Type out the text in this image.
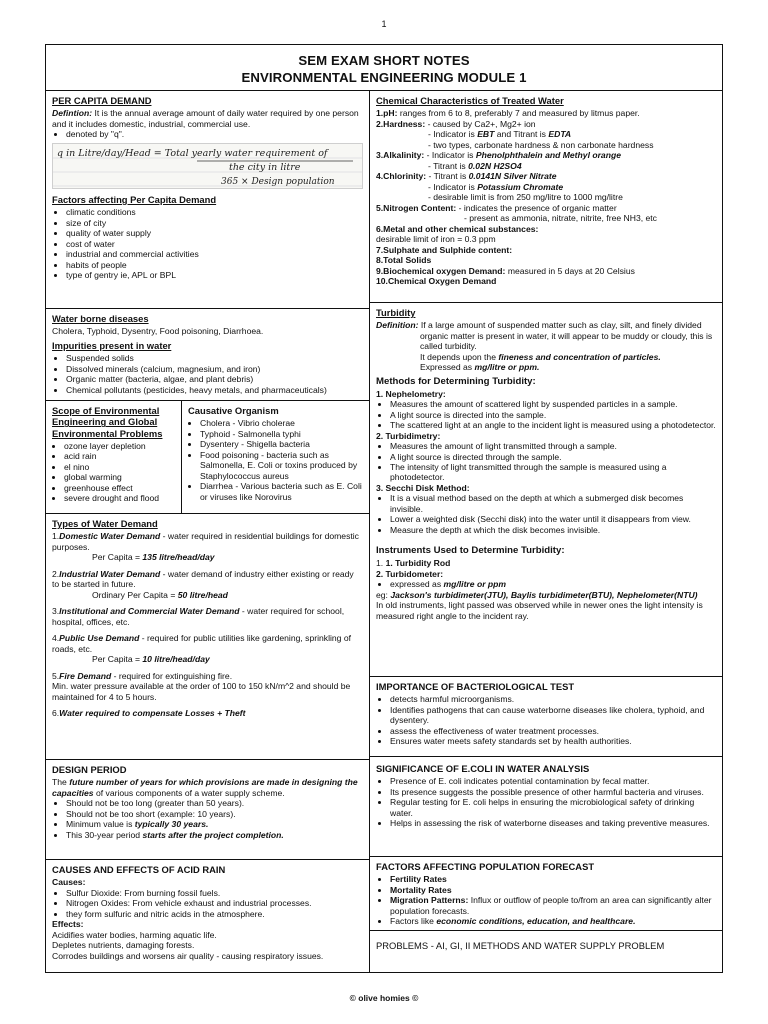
1
SEM EXAM SHORT NOTES
ENVIRONMENTAL ENGINEERING MODULE 1
PER CAPITA DEMAND
Defintion: It is the annual average amount of daily water required by one person and it includes domestic, industrial, commercial use.
• denoted by "q".
q in Litre/day/Head = Total yearly water requirement of
the city in litre
365 × Design population
Factors affecting Per Capita Demand
• climatic conditions
• size of city
• quality of water supply
• cost of water
• industrial and commercial activities
• habits of people
• type of gentry ie, APL or BPL
Water borne diseases
Cholera, Typhoid, Dysentry, Food poisoning, Diarrhoea.
Impurities present in water
• Suspended solids
• Dissolved minerals (calcium, magnesium, and iron)
• Organic matter (bacteria, algae, and plant debris)
• Chemical pollutants (pesticides, heavy metals, and pharmaceuticals)
Scope of Environmental Engineering and Global Environmental Problems
• ozone layer depletion
• acid rain
• el nino
• global warming
• greenhouse effect
• severe drought and flood
Causative Organism
• Cholera - Vibrio cholerae
• Typhoid - Salmonella typhi
• Dysentery - Shigella bacteria
• Food poisoning - bacteria such as Salmonella, E. Coli or toxins produced by Staphylococcus aureus
• Diarrhea - Various bacteria such as E. Coli or viruses like Norovirus
Types of Water Demand
1.Domestic Water Demand - water required in residential buildings for domestic purposes.
Per Capita = 135 litre/head/day
2.Industrial Water Demand - water demand of industry either existing or ready to be started in future.
Ordinary Per Capita = 50 litre/head
3.Institutional and Commercial Water Demand - water required for school, hospital, offices, etc.
4.Public Use Demand - required for public utilities like gardening, sprinkling of roads, etc.
Per Capita = 10 litre/head/day
5.Fire Demand - required for extinguishing fire.
Min. water pressure available at the order of 100 to 150 kN/m^2 and should be maintained for 4 to 5 hours.
6.Water required to compensate Losses + Theft
DESIGN PERIOD
The future number of years for which provisions are made in designing the capacities of various components of a water supply scheme.
• Should not be too long (greater than 50 years).
• Should not be too short (example: 10 years).
• Minimum value is typically 30 years.
• This 30-year period starts after the project completion.
CAUSES AND EFFECTS OF ACID RAIN
Causes:
• Sulfur Dioxide: From burning fossil fuels.
• Nitrogen Oxides: From vehicle exhaust and industrial processes.
• they form sulfuric and nitric acids in the atmosphere.
Effects:
Acidifies water bodies, harming aquatic life.
Depletes nutrients, damaging forests.
Corrodes buildings and worsens air quality - causing respiratory issues.
Chemical Characteristics of Treated Water
1.pH: ranges from 6 to 8, preferably 7 and measured by litmus paper.
2.Hardness: - caused by Ca2+, Mg2+ ion
- Indicator is EBT and Titrant is EDTA
- two types, carbonate hardness & non carbonate hardness
3.Alkalinity: - Indicator is Phenolphthalein and Methyl orange
- Titrant is 0.02N H2SO4
4.Chlorinity: - Titrant is 0.0141N Silver Nitrate
- Indicator is Potassium Chromate
- desirable limit is from 250 mg/litre to 1000 mg/litre
5.Nitrogen Content: - indicates the presence of organic matter
- present as ammonia, nitrate, nitrite, free NH3, etc
6.Metal and other chemical substances:
desirable limit of iron = 0.3 ppm
7.Sulphate and Sulphide content:
8.Total Solids
9.Biochemical oxygen Demand: measured in 5 days at 20 Celsius
10.Chemical Oxygen Demand
Turbidity
Definition: If a large amount of suspended matter such as clay, silt, and finely divided organic matter is present in water, it will appear to be muddy or cloudy, this is called turbidity.
It depends upon the fineness and concentration of particles.
Expressed as mg/litre or ppm.
Methods for Determining Turbidity:
1. Nephelometry:
• Measures the amount of scattered light by suspended particles in a sample.
• A light source is directed into the sample.
• The scattered light at an angle to the incident light is measured using a photodetector.
2. Turbidimetry:
• Measures the amount of light transmitted through a sample.
• A light source is directed through the sample.
• The intensity of light transmitted through the sample is measured using a photodetector.
3. Secchi Disk Method:
• It is a visual method based on the depth at which a submerged disk becomes invisible.
• Lower a weighted disk (Secchi disk) into the water until it disappears from view.
• Measure the depth at which the disk becomes invisible.
Instruments Used to Determine Turbidity:
1. 1. Turbidity Rod
2. Turbidometer:
• expressed as mg/litre or ppm
eg: Jackson's turbidimeter(JTU), Baylis turbidimeter(BTU), Nephelometer(NTU)
In old instruments, light passed was observed while in newer ones the light intensity is measured right angle to the incident ray.
IMPORTANCE OF BACTERIOLOGICAL TEST
• detects harmful microorganisms.
• Identifies pathogens that can cause waterborne diseases like cholera, typhoid, and dysentery.
• assess the effectiveness of water treatment processes.
• Ensures water meets safety standards set by health authorities.
SIGNIFICANCE OF E.COLI IN WATER ANALYSIS
• Presence of E. coli indicates potential contamination by fecal matter.
• Its presence suggests the possible presence of other harmful bacteria and viruses.
• Regular testing for E. coli helps in ensuring the microbiological safety of drinking water.
• Helps in assessing the risk of waterborne diseases and taking preventive measures.
FACTORS AFFECTING POPULATION FORECAST
• Fertility Rates
• Mortality Rates
• Migration Patterns: Influx or outflow of people to/from an area can significantly alter population forecasts.
• Factors like economic conditions, education, and healthcare.
PROBLEMS - AI, GI, II METHODS AND WATER SUPPLY PROBLEM
© olive homies ©
